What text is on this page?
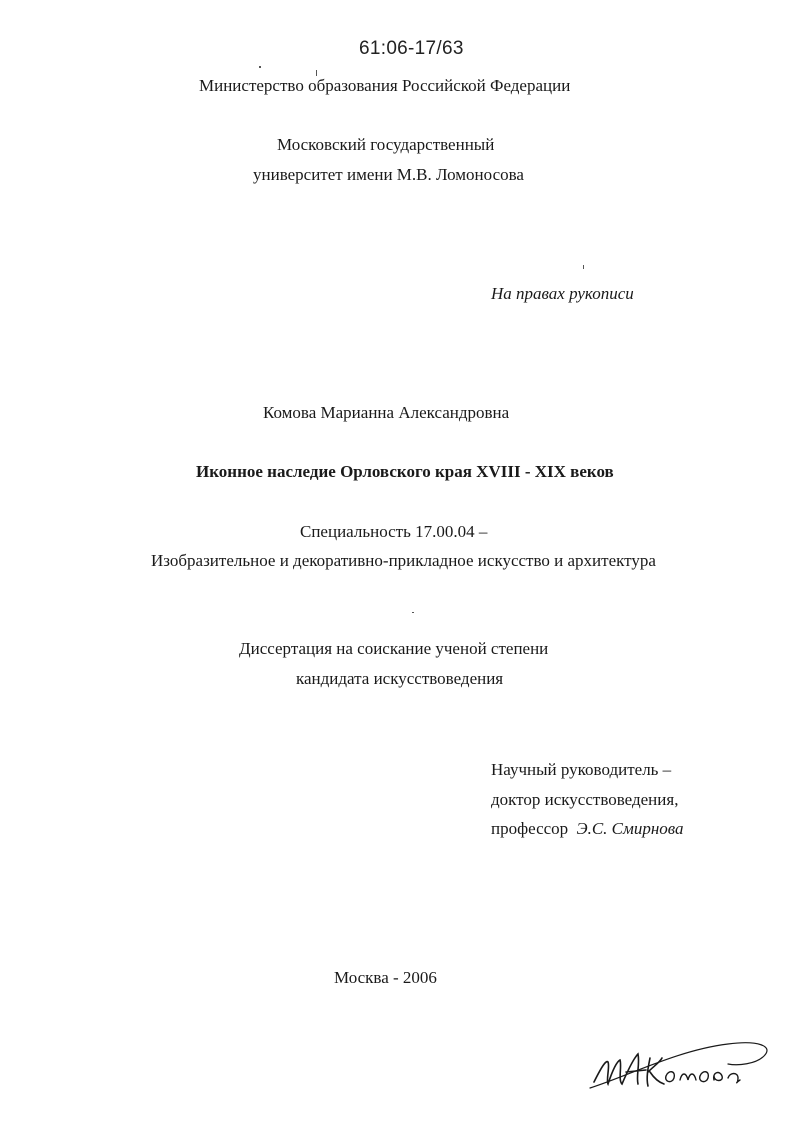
61:06-17/63
Министерство образования Российской Федерации
Московский государственный
университет имени М.В. Ломоносова
На правах рукописи
Комова Марианна Александровна
Иконное наследие Орловского края XVIII - XIX веков
Специальность 17.00.04 –
Изобразительное и декоративно-прикладное искусство и архитектура
Диссертация на соискание ученой степени
кандидата искусствоведения
Научный руководитель –
доктор искусствоведения,
профессор Э.С. Смирнова
Москва - 2006
